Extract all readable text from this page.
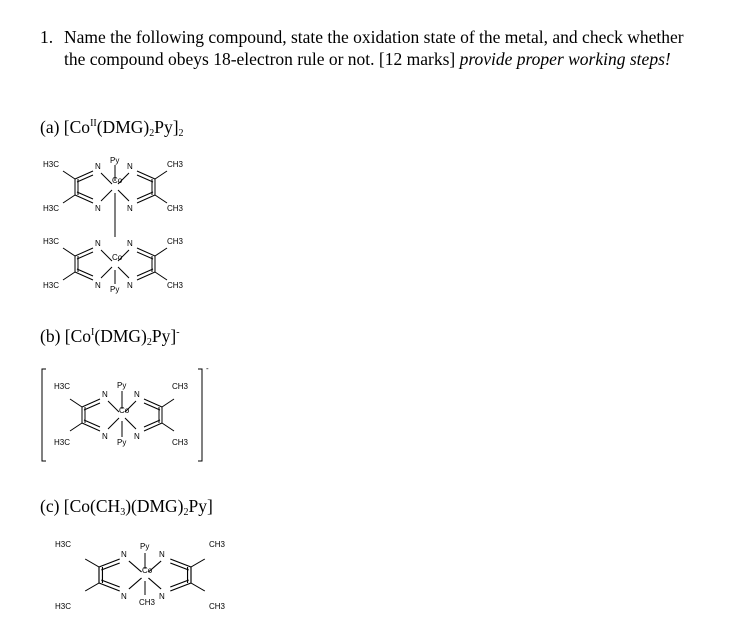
1. Name the following compound, state the oxidation state of the metal, and check whether
the compound obeys 18-electron rule or not. [12 marks] provide proper working steps!
(a) $[Co^{II}(DMG)_2Py]_2$
(b) $[Co^I(DMG)_2Py]^-$
(c) $[Co(CH_3)(DMG)_2Py]$
Co
Py
N	N
N	N
H3C
H3C
CH3
CH3
Co
Py
N	N
N	N
H3C
H3C
CH3
CH3
-
Co
Py
Py
N	N
N	N
H3C
H3C
CH3
CH3
Co
Py
CH3
N	N
N	N
H3C
H3C
CH3
CH3
